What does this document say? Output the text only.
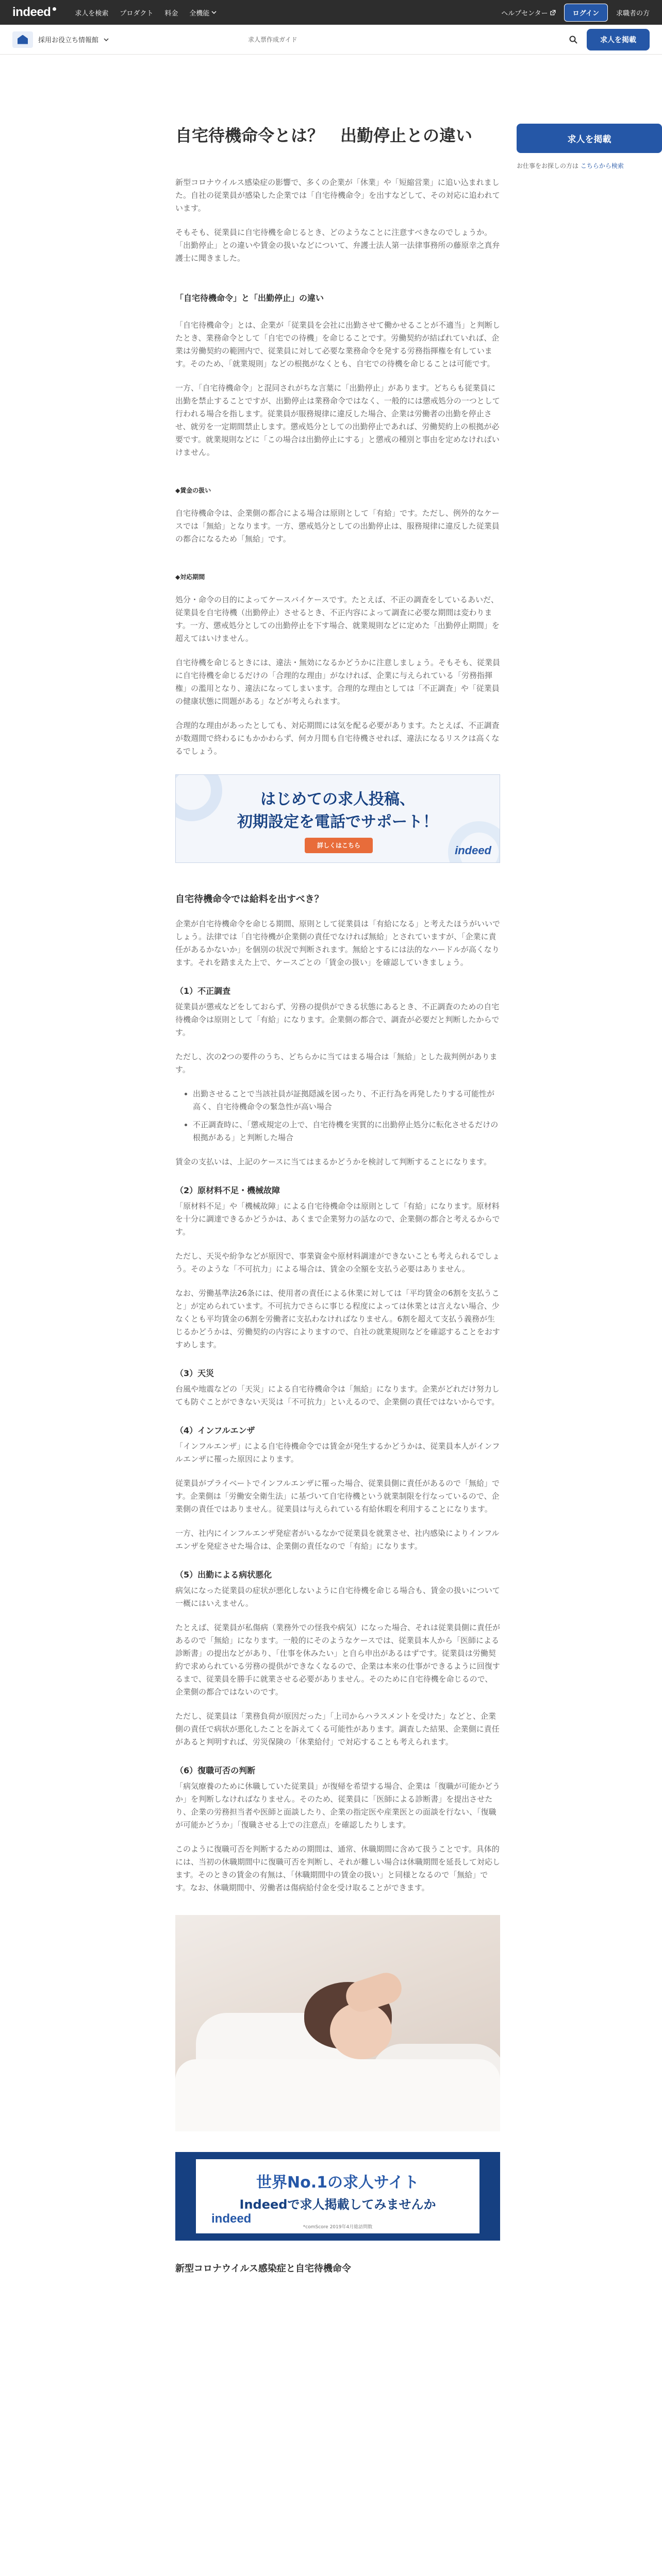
indeed	求人を検索 プロダクト 料金 全機能	ヘルプセンター	ログイン	求職者の方
採用お役立ち情報館	求人票作成ガイド	求人を掲載
求人を掲載
お仕事をお探しの方は こちらから検索
自宅待機命令とは？　出勤停止との違い

新型コロナウイルス感染症の影響で、多くの企業が「休業」や「短縮営業」に追い込まれました。自社の従業員が感染した企業では「自宅待機命令」を出すなどして、その対応に追われています。

そもそも、従業員に自宅待機を命じるとき、どのようなことに注意すべきなのでしょうか。「出勤停止」との違いや賃金の扱いなどについて、弁護士法人第一法律事務所の藤原幸之真弁護士に聞きました。

「自宅待機命令」と「出勤停止」の違い

「自宅待機命令」とは、企業が「従業員を会社に出勤させて働かせることが不適当」と判断したとき、業務命令として「自宅での待機」を命じることです。労働契約が結ばれていれば、企業は労働契約の範囲内で、従業員に対して必要な業務命令を発する労務指揮権を有しています。そのため、「就業規則」などの根拠がなくとも、自宅での待機を命じることは可能です。

一方、「自宅待機命令」と混同されがちな言葉に「出勤停止」があります。どちらも従業員に出勤を禁止することですが、出勤停止は業務命令ではなく、一般的には懲戒処分の一つとして行われる場合を指します。従業員が服務規律に違反した場合、企業は労働者の出勤を停止させ、就労を一定期間禁止します。懲戒処分としての出勤停止であれば、労働契約上の根拠が必要です。就業規則などに「この場合は出勤停止にする」と懲戒の種別と事由を定めなければいけません。

◆賃金の扱い

自宅待機命令は、企業側の都合による場合は原則として「有給」です。ただし、例外的なケースでは「無給」となります。一方、懲戒処分としての出勤停止は、服務規律に違反した従業員の都合になるため「無給」です。

◆対応期間

処分・命令の目的によってケースバイケースです。たとえば、不正の調査をしているあいだ、従業員を自宅待機（出勤停止）させるとき、不正内容によって調査に必要な期間は変わります。一方、懲戒処分としての出勤停止を下す場合、就業規則などに定めた「出勤停止期間」を超えてはいけません。

自宅待機を命じるときには、違法・無効になるかどうかに注意しましょう。そもそも、従業員に自宅待機を命じるだけの「合理的な理由」がなければ、企業に与えられている「労務指揮権」の濫用となり、違法になってしまいます。合理的な理由としては「不正調査」や「従業員の健康状態に問題がある」などが考えられます。

合理的な理由があったとしても、対応期間には気を配る必要があります。たとえば、不正調査が数週間で終わるにもかかわらず、何カ月間も自宅待機させれば、違法になるリスクは高くなるでしょう。

はじめての求人投稿、
初期設定を電話でサポート！
詳しくはこちら	indeed
自宅待機命令では給料を出すべき？

企業が自宅待機命令を命じる期間、原則として従業員は「有給になる」と考えたほうがいいでしょう。法律では「自宅待機が企業側の責任でなければ無給」とされていますが、「企業に責任があるかないか」を個別の状況で判断されます。無給とするには法的なハードルが高くなります。それを踏まえた上で、ケースごとの「賃金の扱い」を確認していきましょう。

（1）不正調査

従業員が懲戒などをしておらず、労務の提供ができる状態にあるとき、不正調査のための自宅待機命令は原則として「有給」になります。企業側の都合で、調査が必要だと判断したからです。

ただし、次の2つの要件のうち、どちらかに当てはまる場合は「無給」とした裁判例があります。

• 出勤させることで当該社員が証拠隠滅を図ったり、不正行為を再発したりする可能性が高く、自宅待機命令の緊急性が高い場合
• 不正調査時に、「懲戒規定の上で、自宅待機を実質的に出勤停止処分に転化させるだけの根拠がある」と判断した場合

賃金の支払いは、上記のケースに当てはまるかどうかを検討して判断することになります。

（2）原材料不足・機械故障

「原材料不足」や「機械故障」による自宅待機命令は原則として「有給」になります。原材料を十分に調達できるかどうかは、あくまで企業努力の話なので、企業側の都合と考えるからです。

ただし、天災や紛争などが原因で、事業資金や原材料調達ができないことも考えられるでしょう。そのような「不可抗力」による場合は、賃金の全額を支払う必要はありません。

なお、労働基準法26条には、使用者の責任による休業に対しては「平均賃金の6割を支払うこと」が定められています。不可抗力でさらに事じる程度によっては休業とは言えない場合、少なくとも平均賃金の6割を労働者に支払わなければなりません。6割を超えて支払う義務が生じるかどうかは、労働契約の内容によりますので、自社の就業規則などを確認することをおすすめします。

（3）天災

台風や地震などの「天災」による自宅待機命令は「無給」になります。企業がどれだけ努力しても防ぐことができない天災は「不可抗力」といえるので、企業側の責任ではないからです。

（4）インフルエンザ

「インフルエンザ」による自宅待機命令では賃金が発生するかどうかは、従業員本人がインフルエンザに罹った原因によります。

従業員がプライベートでインフルエンザに罹った場合、従業員側に責任があるので「無給」です。企業側は「労働安全衛生法」に基づいて自宅待機という就業制限を行なっているので、企業側の責任ではありません。従業員は与えられている有給休暇を利用することになります。

一方、社内にインフルエンザ発症者がいるなかで従業員を就業させ、社内感染によりインフルエンザを発症させた場合は、企業側の責任なので「有給」になります。

（5）出勤による病状悪化

病気になった従業員の症状が悪化しないように自宅待機を命じる場合も、賃金の扱いについて一概にはいえません。

たとえば、従業員が私傷病（業務外での怪我や病気）になった場合、それは従業員側に責任があるので「無給」になります。一般的にそのようなケースでは、従業員本人から「医師による診断書」の提出などがあり、「仕事を休みたい」と自ら申出があるはずです。従業員は労働契約で求められている労務の提供ができなくなるので、企業は本来の仕事ができるように回復するまで、従業員を勝手に就業させる必要がありません。そのために自宅待機を命じるので、企業側の都合ではないのです。

ただし、従業員は「業務負荷が原因だった」「上司からハラスメントを受けた」などと、企業側の責任で病状が悪化したことを訴えてくる可能性があります。調査した結果、企業側に責任があると判明すれば、労災保険の「休業給付」で対応することも考えられます。

（6）復職可否の判断

「病気療養のために休職していた従業員」が復帰を希望する場合、企業は「復職が可能かどうか」を判断しなければなりません。そのため、従業員に「医師による診断書」を提出させたり、企業の労務担当者や医師と面談したり、企業の指定医や産業医との面談を行ない、「復職が可能かどうか」「復職させる上での注意点」を確認したりします。

このように復職可否を判断するための期間は、通常、休職期間に含めて扱うことです。具体的には、当初の休職期間中に復職可否を判断し、それが難しい場合は休職期間を延長して対応します。そのときの賃金の有無は、「休職期間中の賃金の扱い」と同様となるので「無給」です。なお、休職期間中、労働者は傷病給付金を受け取ることができます。

世界No.1の求人サイト
Indeedで求人掲載してみませんか
indeed
*comScore 2019年4月総訪問数
新型コロナウイルス感染症と自宅待機命令
